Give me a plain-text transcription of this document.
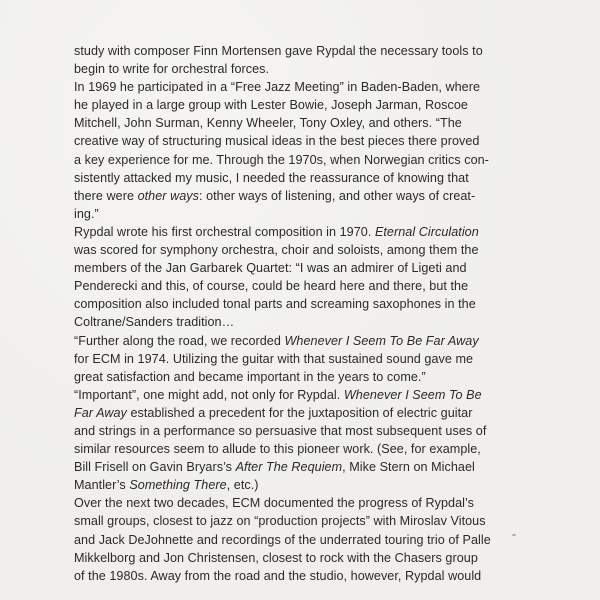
study with composer Finn Mortensen gave Rypdal the necessary tools to
begin to write for orchestral forces.
In 1969 he participated in a “Free Jazz Meeting” in Baden-Baden, where
he played in a large group with Lester Bowie, Joseph Jarman, Roscoe
Mitchell, John Surman, Kenny Wheeler, Tony Oxley, and others. “The
creative way of structuring musical ideas in the best pieces there proved
a key experience for me. Through the 1970s, when Norwegian critics con-
sistently attacked my music, I needed the reassurance of knowing that
there were other ways: other ways of listening, and other ways of creat-
ing.”
Rypdal wrote his first orchestral composition in 1970. Eternal Circulation
was scored for symphony orchestra, choir and soloists, among them the
members of the Jan Garbarek Quartet: “I was an admirer of Ligeti and
Penderecki and this, of course, could be heard here and there, but the
composition also included tonal parts and screaming saxophones in the
Coltrane/Sanders tradition…
“Further along the road, we recorded Whenever I Seem To Be Far Away
for ECM in 1974. Utilizing the guitar with that sustained sound gave me
great satisfaction and became important in the years to come.”
“Important”, one might add, not only for Rypdal. Whenever I Seem To Be
Far Away established a precedent for the juxtaposition of electric guitar
and strings in a performance so persuasive that most subsequent uses of
similar resources seem to allude to this pioneer work. (See, for example,
Bill Frisell on Gavin Bryars’s After The Requiem, Mike Stern on Michael
Mantler’s Something There, etc.)
Over the next two decades, ECM documented the progress of Rypdal’s
small groups, closest to jazz on “production projects” with Miroslav Vitous
and Jack DeJohnette and recordings of the underrated touring trio of Palle
Mikkelborg and Jon Christensen, closest to rock with the Chasers group
of the 1980s. Away from the road and the studio, however, Rypdal would
